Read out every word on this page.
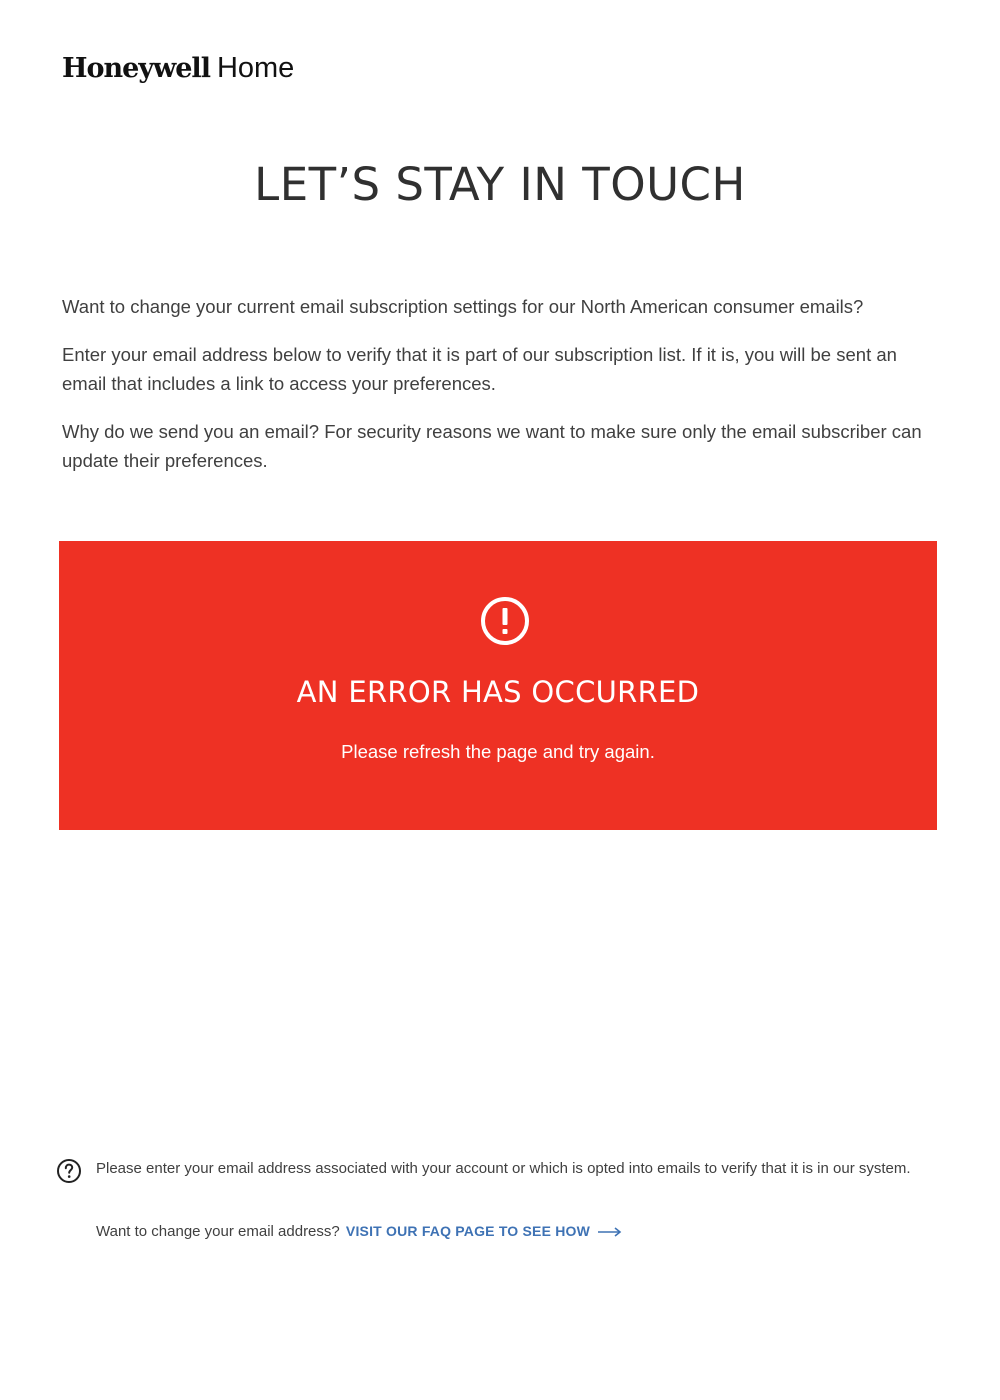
Honeywell Home
LET’S STAY IN TOUCH

Want to change your current email subscription settings for our North American consumer emails?

Enter your email address below to verify that it is part of our subscription list. If it is, you will be sent an email that includes a link to access your preferences.

Why do we send you an email? For security reasons we want to make sure only the email subscriber can update their preferences.

AN ERROR HAS OCCURRED
Please refresh the page and try again.

Please enter your email address associated with your account or which is opted into emails to verify that it is in our system.

Want to change your email address? VISIT OUR FAQ PAGE TO SEE HOW
